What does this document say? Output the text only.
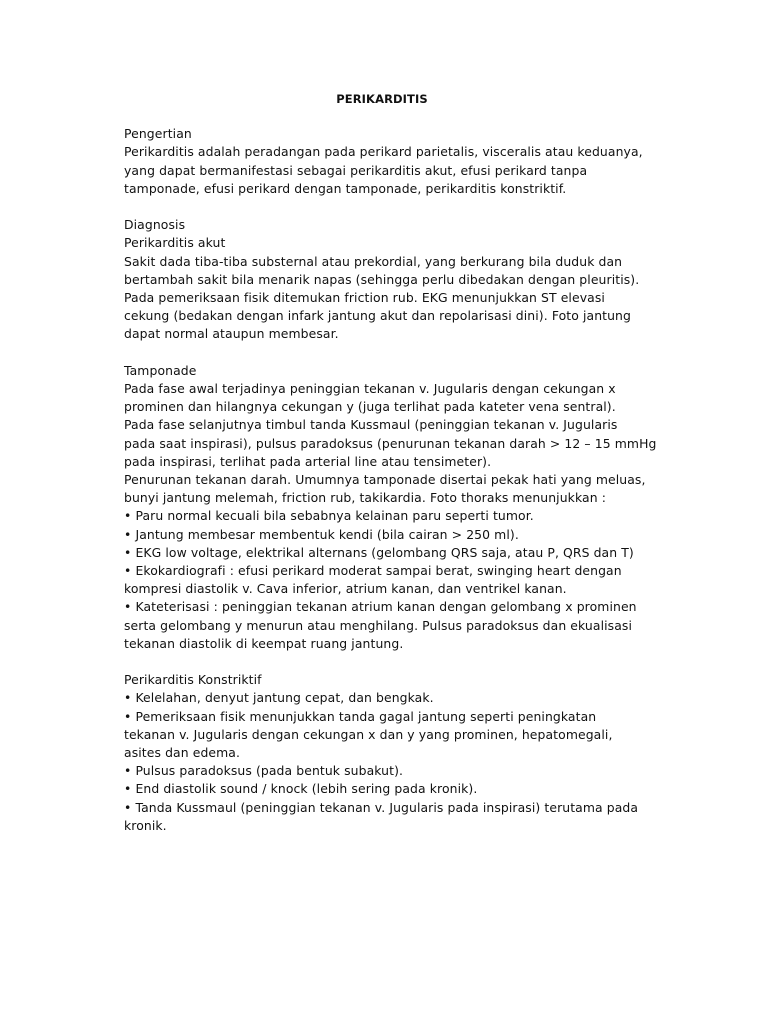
PERIKARDITIS
Pengertian
Perikarditis adalah peradangan pada perikard parietalis, visceralis atau keduanya,
yang dapat bermanifestasi sebagai perikarditis akut, efusi perikard tanpa
tamponade, efusi perikard dengan tamponade, perikarditis konstriktif.
Diagnosis
Perikarditis akut
Sakit dada tiba-tiba substernal atau prekordial, yang berkurang bila duduk dan
bertambah sakit bila menarik napas (sehingga perlu dibedakan dengan pleuritis).
Pada pemeriksaan fisik ditemukan friction rub. EKG menunjukkan ST elevasi
cekung (bedakan dengan infark jantung akut dan repolarisasi dini). Foto jantung
dapat normal ataupun membesar.
Tamponade
Pada fase awal terjadinya peninggian tekanan v. Jugularis dengan cekungan x
prominen dan hilangnya cekungan y (juga terlihat pada kateter vena sentral).
Pada fase selanjutnya timbul tanda Kussmaul (peninggian tekanan v. Jugularis
pada saat inspirasi), pulsus paradoksus (penurunan tekanan darah > 12 – 15 mmHg
pada inspirasi, terlihat pada arterial line atau tensimeter).
Penurunan tekanan darah. Umumnya tamponade disertai pekak hati yang meluas,
bunyi jantung melemah, friction rub, takikardia. Foto thoraks menunjukkan :
• Paru normal kecuali bila sebabnya kelainan paru seperti tumor.
• Jantung membesar membentuk kendi (bila cairan > 250 ml).
• EKG low voltage, elektrikal alternans (gelombang QRS saja, atau P, QRS dan T)
• Ekokardiografi : efusi perikard moderat sampai berat, swinging heart dengan
kompresi diastolik v. Cava inferior, atrium kanan, dan ventrikel kanan.
• Kateterisasi : peninggian tekanan atrium kanan dengan gelombang x prominen
serta gelombang y menurun atau menghilang. Pulsus paradoksus dan ekualisasi
tekanan diastolik di keempat ruang jantung.
Perikarditis Konstriktif
• Kelelahan, denyut jantung cepat, dan bengkak.
• Pemeriksaan fisik menunjukkan tanda gagal jantung seperti peningkatan
tekanan v. Jugularis dengan cekungan x dan y yang prominen, hepatomegali,
asites dan edema.
• Pulsus paradoksus (pada bentuk subakut).
• End diastolik sound / knock (lebih sering pada kronik).
• Tanda Kussmaul (peninggian tekanan v. Jugularis pada inspirasi) terutama pada
kronik.
